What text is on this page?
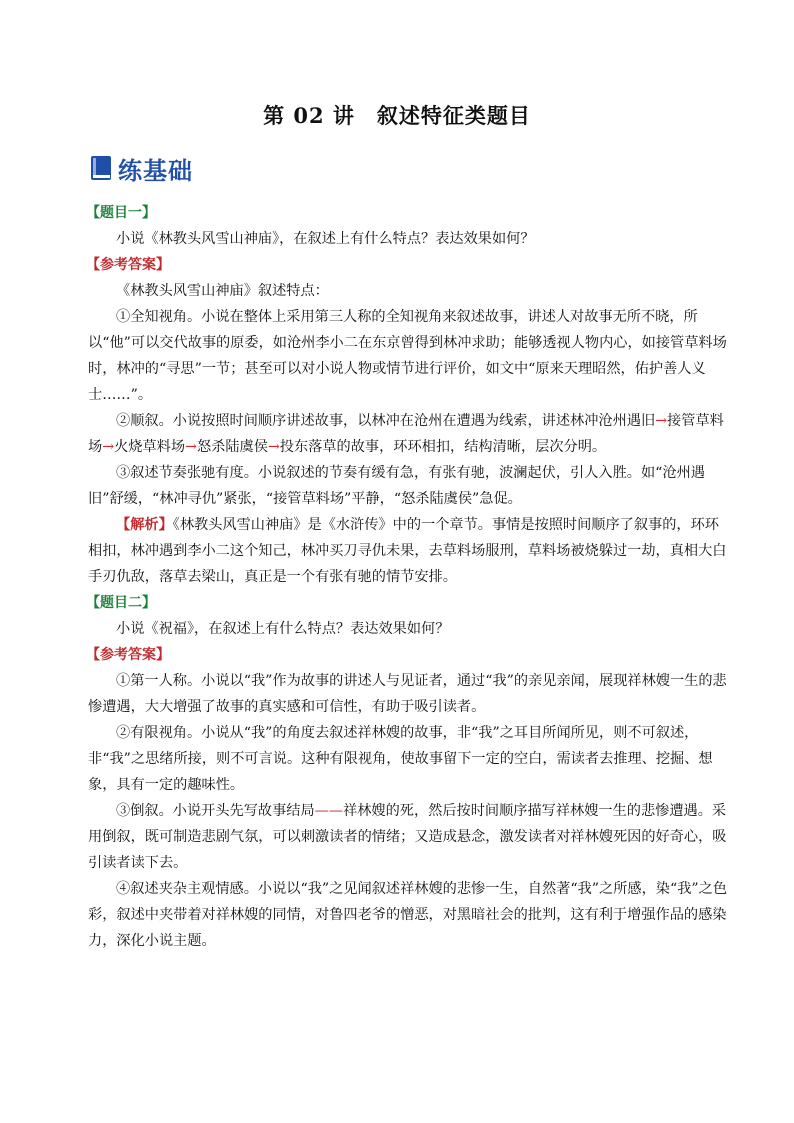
第 02 讲　叙述特征类题目
练基础
【题目一】
小说《林教头风雪山神庙》，在叙述上有什么特点？表达效果如何？
【参考答案】
《林教头风雪山神庙》叙述特点：
①全知视角。小说在整体上采用第三人称的全知视角来叙述故事，讲述人对故事无所不晓，所以“他”可以交代故事的原委，如沧州李小二在东京曾得到林冲求助；能够透视人物内心，如接管草料场时，林冲的“寻思”一节；甚至可以对小说人物或情节进行评价，如文中“原来天理昭然，佑护善人义士……”。
②顺叙。小说按照时间顺序讲述故事，以林冲在沧州在遭遇为线索，讲述林冲沧州遇旧→接管草料场→火烧草料场→怒杀陆虞侯→投东落草的故事，环环相扣，结构清晰，层次分明。
③叙述节奏张驰有度。小说叙述的节奏有缓有急，有张有驰，波澜起伏，引人入胜。如“沧州遇旧”舒缓，“林冲寻仇”紧张，“接管草料场”平静，“怒杀陆虞侯”急促。
【解析】《林教头风雪山神庙》是《水浒传》中的一个章节。事情是按照时间顺序了叙事的，环环相扣，林冲遇到李小二这个知己，林冲买刀寻仇未果，去草料场服刑，草料场被烧躲过一劫，真相大白手刃仇敌，落草去梁山，真正是一个有张有驰的情节安排。
【题目二】
小说《祝福》，在叙述上有什么特点？表达效果如何？
【参考答案】
①第一人称。小说以“我”作为故事的讲述人与见证者，通过“我”的亲见亲闻，展现祥林嫂一生的悲惨遭遇，大大增强了故事的真实感和可信性，有助于吸引读者。
②有限视角。小说从“我”的角度去叙述祥林嫂的故事，非“我”之耳目所闻所见，则不可叙述，非“我”之思绪所接，则不可言说。这种有限视角，使故事留下一定的空白，需读者去推理、挖掘、想象，具有一定的趣味性。
③倒叙。小说开头先写故事结局——祥林嫂的死，然后按时间顺序描写祥林嫂一生的悲惨遭遇。采用倒叙，既可制造悲剧气氛，可以刺激读者的情绪；又造成悬念，激发读者对祥林嫂死因的好奇心，吸引读者读下去。
④叙述夹杂主观情感。小说以“我”之见闻叙述祥林嫂的悲惨一生，自然著“我”之所感，染“我”之色彩，叙述中夹带着对祥林嫂的同情，对鲁四老爷的憎恶，对黑暗社会的批判，这有利于增强作品的感染力，深化小说主题。
